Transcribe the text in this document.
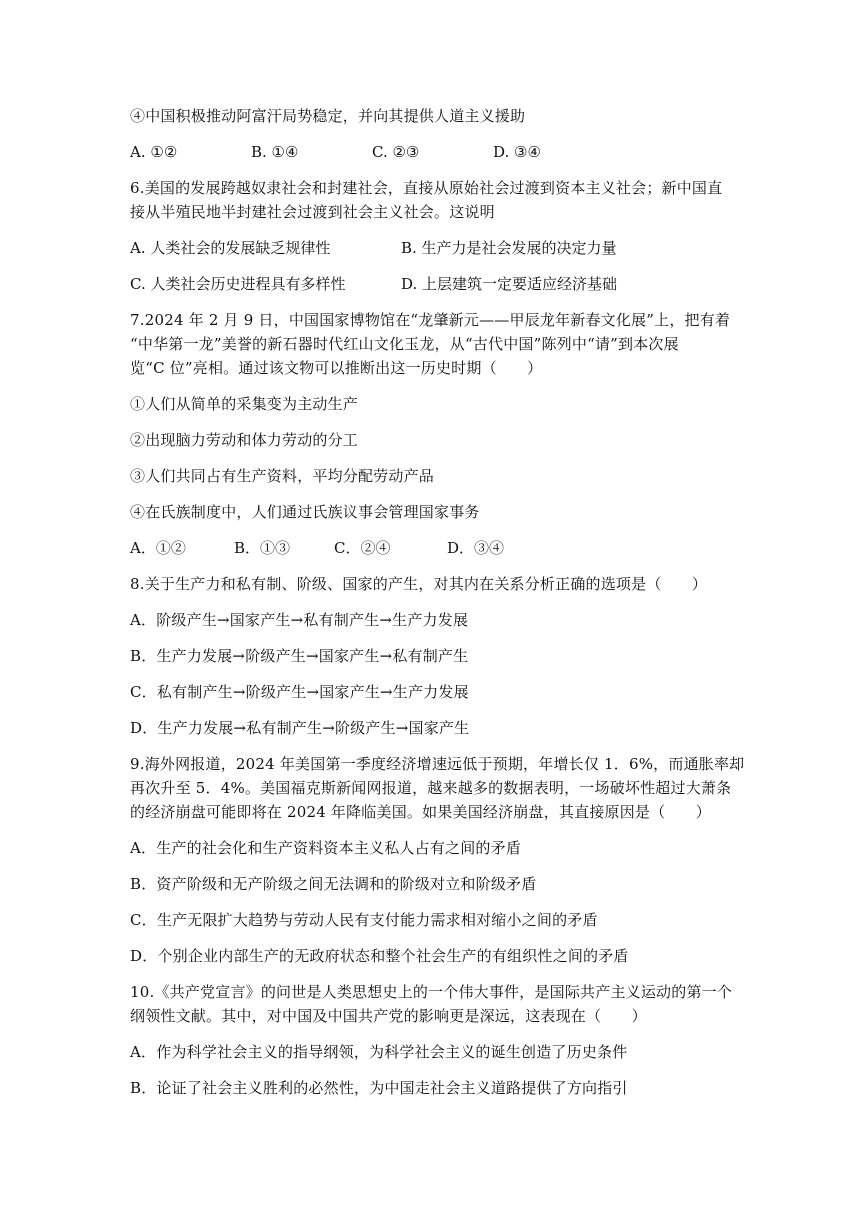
④中国积极推动阿富汗局势稳定，并向其提供人道主义援助
A. ①②	B. ①④	C. ②③	D. ③④
6.美国的发展跨越奴隶社会和封建社会，直接从原始社会过渡到资本主义社会；新中国直
接从半殖民地半封建社会过渡到社会主义社会。这说明
A. 人类社会的发展缺乏规律性	B. 生产力是社会发展的决定力量
C. 人类社会历史进程具有多样性	D. 上层建筑一定要适应经济基础
7.2024 年 2 月 9 日，中国国家博物馆在“龙肇新元——甲辰龙年新春文化展”上，把有着
“中华第一龙”美誉的新石器时代红山文化玉龙，从“古代中国”陈列中“请”到本次展
览“C 位”亮相。通过该文物可以推断出这一历史时期（　　）
①人们从简单的采集变为主动生产
②出现脑力劳动和体力劳动的分工
③人们共同占有生产资料，平均分配劳动产品
④在氏族制度中，人们通过氏族议事会管理国家事务
A．①②	B．①③	C．②④	D．③④
8.关于生产力和私有制、阶级、国家的产生，对其内在关系分析正确的选项是（　　）
A．阶级产生→国家产生→私有制产生→生产力发展
B．生产力发展→阶级产生→国家产生→私有制产生
C．私有制产生→阶级产生→国家产生→生产力发展
D．生产力发展→私有制产生→阶级产生→国家产生
9.海外网报道，2024 年美国第一季度经济增速远低于预期，年增长仅 1．6%，而通胀率却
再次升至 5．4%。美国福克斯新闻网报道，越来越多的数据表明，一场破坏性超过大萧条
的经济崩盘可能即将在 2024 年降临美国。如果美国经济崩盘，其直接原因是（　　）
A．生产的社会化和生产资料资本主义私人占有之间的矛盾
B．资产阶级和无产阶级之间无法调和的阶级对立和阶级矛盾
C．生产无限扩大趋势与劳动人民有支付能力需求相对缩小之间的矛盾
D．个别企业内部生产的无政府状态和整个社会生产的有组织性之间的矛盾
10.《共产党宣言》的问世是人类思想史上的一个伟大事件，是国际共产主义运动的第一个
纲领性文献。其中，对中国及中国共产党的影响更是深远，这表现在（　　）
A．作为科学社会主义的指导纲领，为科学社会主义的诞生创造了历史条件
B．论证了社会主义胜利的必然性，为中国走社会主义道路提供了方向指引
